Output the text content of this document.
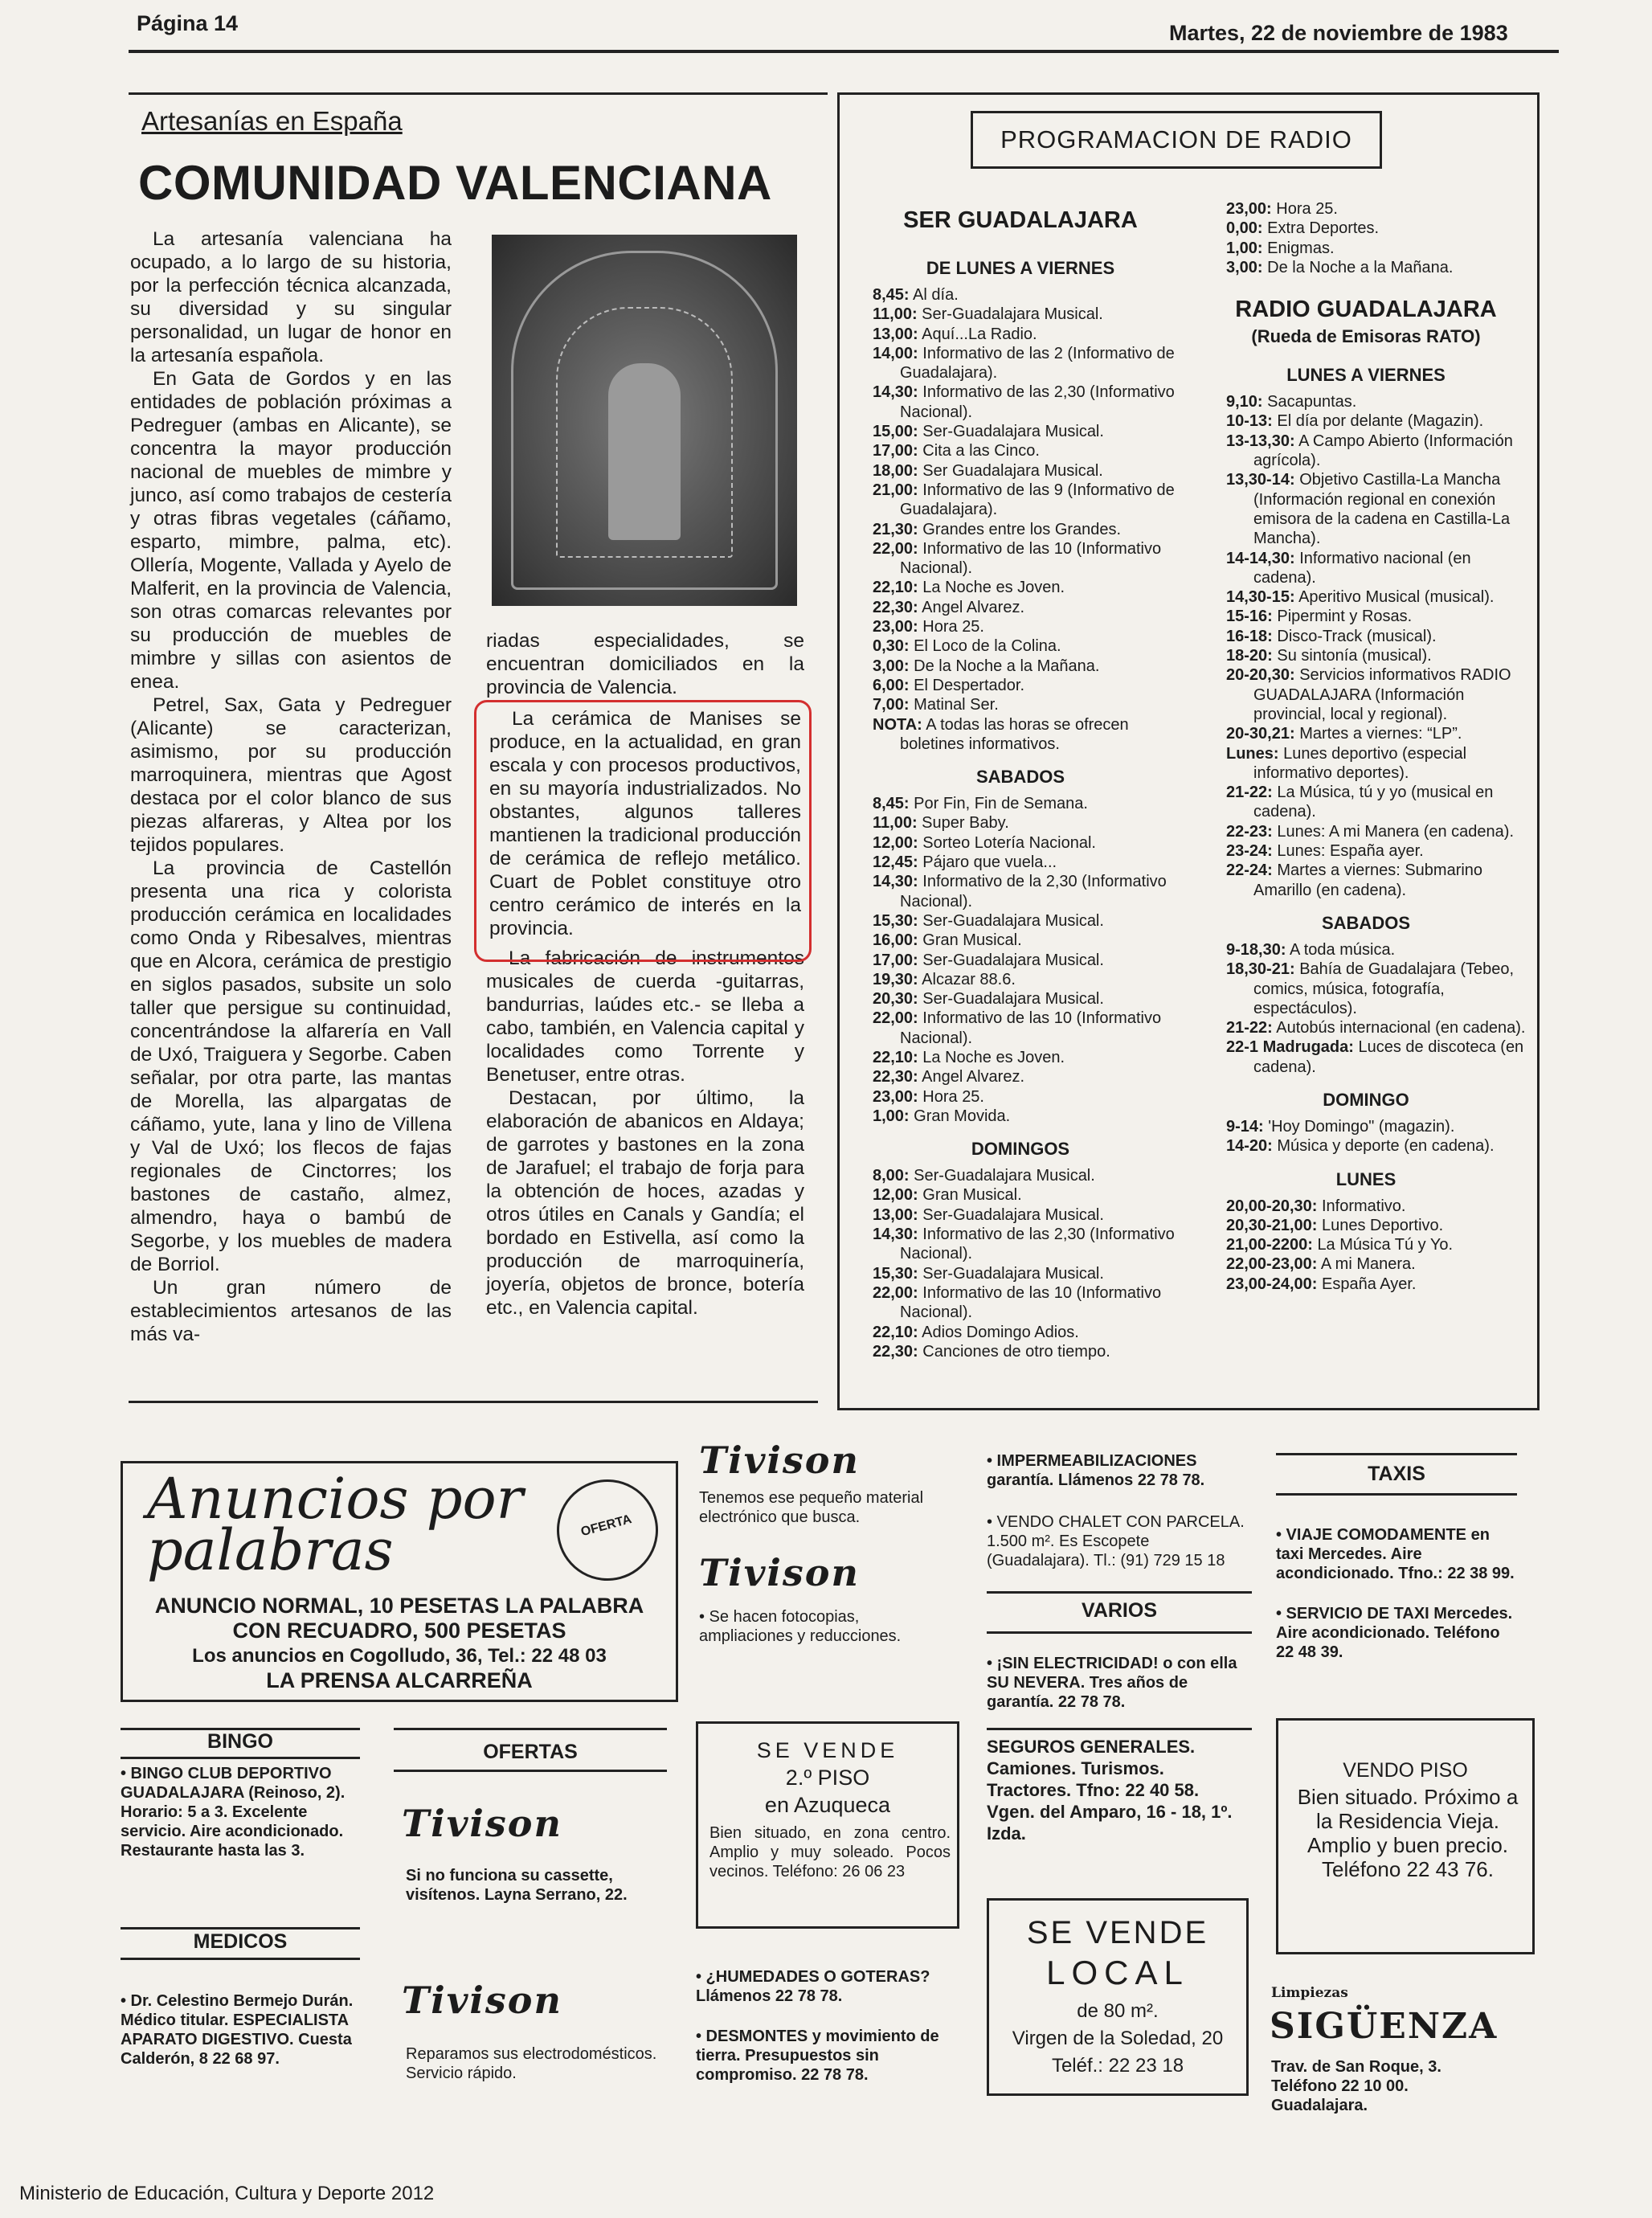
Página 14	Martes, 22 de noviembre de 1983
Artesanías en España
COMUNIDAD VALENCIANA

La artesanía valenciana ha ocupado, a lo largo de su historia, por la perfección técnica alcanzada, su diversidad y su singular personalidad, un lugar de honor en la artesanía española.

En Gata de Gordos y en las entidades de población próximas a Pedreguer (ambas en Alicante), se concentra la mayor producción nacional de muebles de mimbre y junco, así como trabajos de cestería y otras fibras vegetales (cáñamo, esparto, mimbre, palma, etc). Ollería, Mogente, Vallada y Ayelo de Malferit, en la provincia de Valencia, son otras comarcas relevantes por su producción de muebles de mimbre y sillas con asientos de enea.

Petrel, Sax, Gata y Pedreguer (Alicante) se caracterizan, asimismo, por su producción marroquinera, mientras que Agost destaca por el color blanco de sus piezas alfareras, y Altea por los tejidos populares.

La provincia de Castellón presenta una rica y colorista producción cerámica en localidades como Onda y Ribesalves, mientras que en Alcora, cerámica de prestigio en siglos pasados, subsite un solo taller que persigue su continuidad, concentrándose la alfarería en Vall de Uxó, Traiguera y Segorbe. Caben señalar, por otra parte, las mantas de Morella, las alpargatas de cáñamo, yute, lana y lino de Villena y Val de Uxó; los flecos de fajas regionales de Cinctorres; los bastones de castaño, almez, almendro, haya o bambú de Segorbe, y los muebles de madera de Borriol.

Un gran número de establecimientos artesanos de las más va-

riadas especialidades, se encuentran domiciliados en la provincia de Valencia.

La cerámica de Manises se produce, en la actualidad, en gran escala y con procesos productivos, en su mayoría industrializados. No obstantes, algunos talleres mantienen la tradicional producción de cerámica de reflejo metálico. Cuart de Poblet constituye otro centro cerámico de interés en la provincia.

La fabricación de instrumentos musicales de cuerda -guitarras, bandurrias, laúdes etc.- se lleba a cabo, también, en Valencia capital y localidades como Torrente y Benetuser, entre otras.

Destacan, por último, la elaboración de abanicos en Aldaya; de garrotes y bastones en la zona de Jarafuel; el trabajo de forja para la obtención de hoces, azadas y otros útiles en Canals y Gandía; el bordado en Estivella, así como la producción de marroquinería, joyería, objetos de bronce, botería etc., en Valencia capital.

PROGRAMACION DE RADIO
SER GUADALAJARA
DE LUNES A VIERNES

8,45: Al día.

11,00: Ser-Guadalajara Musical.

13,00: Aquí...La Radio.

14,00: Informativo de las 2 (Informativo de Guadalajara).

14,30: Informativo de las 2,30 (Informativo Nacional).

15,00: Ser-Guadalajara Musical.

17,00: Cita a las Cinco.

18,00: Ser Guadalajara Musical.

21,00: Informativo de las 9 (Informativo de Guadalajara).

21,30: Grandes entre los Grandes.

22,00: Informativo de las 10 (Informativo Nacional).

22,10: La Noche es Joven.

22,30: Angel Alvarez.

23,00: Hora 25.

0,30: El Loco de la Colina.

3,00: De la Noche a la Mañana.

6,00: El Despertador.

7,00: Matinal Ser.

NOTA: A todas las horas se ofrecen boletines informativos.

SABADOS

8,45: Por Fin, Fin de Semana.

11,00: Super Baby.

12,00: Sorteo Lotería Nacional.

12,45: Pájaro que vuela...

14,30: Informativo de la 2,30 (Informativo Nacional).

15,30: Ser-Guadalajara Musical.

16,00: Gran Musical.

17,00: Ser-Guadalajara Musical.

19,30: Alcazar 88.6.

20,30: Ser-Guadalajara Musical.

22,00: Informativo de las 10 (Informativo Nacional).

22,10: La Noche es Joven.

22,30: Angel Alvarez.

23,00: Hora 25.

1,00: Gran Movida.

DOMINGOS

8,00: Ser-Guadalajara Musical.

12,00: Gran Musical.

13,00: Ser-Guadalajara Musical.

14,30: Informativo de las 2,30 (Informativo Nacional).

15,30: Ser-Guadalajara Musical.

22,00: Informativo de las 10 (Informativo Nacional).

22,10: Adios Domingo Adios.

22,30: Canciones de otro tiempo.

23,00: Hora 25.

0,00: Extra Deportes.

1,00: Enigmas.

3,00: De la Noche a la Mañana.

RADIO GUADALAJARA
(Rueda de Emisoras RATO)
LUNES A VIERNES

9,10: Sacapuntas.

10-13: El día por delante (Magazin).

13-13,30: A Campo Abierto (Información agrícola).

13,30-14: Objetivo Castilla-La Mancha (Información regional en conexión emisora de la cadena en Castilla-La Mancha).

14-14,30: Informativo nacional (en cadena).

14,30-15: Aperitivo Musical (musical).

15-16: Pipermint y Rosas.

16-18: Disco-Track (musical).

18-20: Su sintonía (musical).

20-20,30: Servicios informativos RADIO GUADALAJARA (Información provincial, local y regional).

20-30,21: Martes a viernes: “LP”.

Lunes: Lunes deportivo (especial informativo deportes).

21-22: La Música, tú y yo (musical en cadena).

22-23: Lunes: A mi Manera (en cadena).

23-24: Lunes: España ayer.

22-24: Martes a viernes: Submarino Amarillo (en cadena).

SABADOS

9-18,30: A toda música.

18,30-21: Bahía de Guadalajara (Tebeo, comics, música, fotografía, espectáculos).

21-22: Autobús internacional (en cadena).

22-1 Madrugada: Luces de discoteca (en cadena).

DOMINGO

9-14: 'Hoy Domingo" (magazin).

14-20: Música y deporte (en cadena).

LUNES

20,00-20,30: Informativo.

20,30-21,00: Lunes Deportivo.

21,00-2200: La Música Tú y Yo.

22,00-23,00: A mi Manera.

23,00-24,00: España Ayer.

Anuncios por palabras	OFERTA
ANUNCIO NORMAL, 10 PESETAS LA PALABRA
CON RECUADRO, 500 PESETAS
Los anuncios en Cogolludo, 36, Tel.: 22 48 03
LA PRENSA ALCARREÑA
BINGO
• BINGO CLUB DEPORTIVO GUADALAJARA (Reinoso, 2). Horario: 5 a 3. Excelente servicio. Aire acondicionado. Restaurante hasta las 3.
MEDICOS
• Dr. Celestino Bermejo Durán. Médico titular. ESPECIALISTA APARATO DIGESTIVO. Cuesta Calderón, 8 22 68 97.
OFERTAS
Tivison
Si no funciona su cassette, visítenos. Layna Serrano, 22.
Tivison
Reparamos sus electrodomésticos. Servicio rápido.
Tivison
Tenemos ese pequeño material electrónico que busca.
Tivison
• Se hacen fotocopias, ampliaciones y reducciones.
SE VENDE
2.º PISO
en Azuqueca
Bien situado, en zona centro. Amplio y muy soleado. Pocos vecinos. Teléfono: 26 06 23
• ¿HUMEDADES O GOTERAS? Llámenos 22 78 78.
• DESMONTES y movimiento de tierra. Presupuestos sin compromiso. 22 78 78.
• IMPERMEABILIZACIONES garantía. Llámenos 22 78 78.
• VENDO CHALET CON PARCELA. 1.500 m². Es Escopete (Guadalajara). Tl.: (91) 729 15 18
VARIOS
• ¡SIN ELECTRICIDAD! o con ella SU NEVERA. Tres años de garantía. 22 78 78.
SEGUROS GENERALES. Camiones. Turismos. Tractores. Tfno: 22 40 58. Vgen. del Amparo, 16 - 18, 1º. Izda.
SE VENDE
LOCAL
de 80 m².
Virgen de la Soledad, 20
Teléf.: 22 23 18
TAXIS
• VIAJE COMODAMENTE en taxi Mercedes. Aire acondicionado. Tfno.: 22 38 99.
• SERVICIO DE TAXI Mercedes. Aire acondicionado. Teléfono 22 48 39.
VENDO PISO
Bien situado. Próximo a la Residencia Vieja. Amplio y buen precio. Teléfono 22 43 76.
Limpiezas
SIGÜENZA
Trav. de San Roque, 3. Teléfono 22 10 00. Guadalajara.
Ministerio de Educación, Cultura y Deporte 2012
